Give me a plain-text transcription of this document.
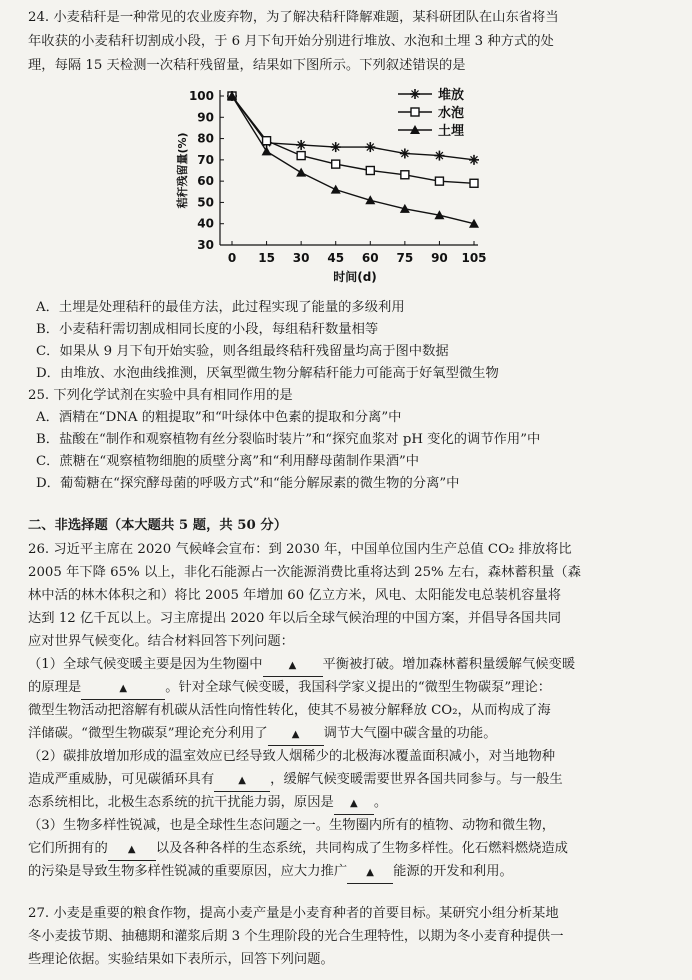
24. 小麦秸秆是一种常见的农业废弃物，为了解决秸秆降解难题，某科研团队在山东省将当
年收获的小麦秸秆切割成小段，于 6 月下旬开始分别进行堆放、水泡和土埋 3 种方式的处
理，每隔 15 天检测一次秸秆残留量，结果如下图所示。下列叙述错误的是
100
90
80
70
60
50
40
30
0 15 30 45 60 75 90 105
时间(d)
秸秆残留量(%)
堆放
水泡
土埋
A．土埋是处理秸秆的最佳方法，此过程实现了能量的多级利用
B．小麦秸秆需切割成相同长度的小段，每组秸秆数量相等
C．如果从 9 月下旬开始实验，则各组最终秸秆残留量均高于图中数据
D．由堆放、水泡曲线推测，厌氧型微生物分解秸秆能力可能高于好氧型微生物
25. 下列化学试剂在实验中具有相同作用的是
A．酒精在“DNA 的粗提取”和“叶绿体中色素的提取和分离”中
B．盐酸在“制作和观察植物有丝分裂临时装片”和“探究血浆对 pH 变化的调节作用”中
C．蔗糖在“观察植物细胞的质壁分离”和“利用酵母菌制作果酒”中
D．葡萄糖在“探究酵母菌的呼吸方式”和“能分解尿素的微生物的分离”中
二、非选择题（本大题共 5 题，共 50 分）
26. 习近平主席在 2020 气候峰会宣布：到 2030 年，中国单位国内生产总值 CO₂ 排放将比
2005 年下降 65% 以上，非化石能源占一次能源消费比重将达到 25% 左右，森林蓄积量（森
林中活的林木体积之和）将比 2005 年增加 60 亿立方米，风电、太阳能发电总装机容量将
达到 12 亿千瓦以上。习主席提出 2020 年以后全球气候治理的中国方案，并倡导各国共同
应对世界气候变化。结合材料回答下列问题：
（1）全球气候变暖主要是因为生物圈中	▲ 平衡被打破。增加森林蓄积量缓解气候变暖
的原理是	▲	。针对全球气候变暖，我国科学家义提出的“微型生物碳泵”理论：
微型生物活动把溶解有机碳从活性向惰性转化，使其不易被分解释放 CO₂，从而构成了海
洋储碳。“微型生物碳泵”理论充分利用了 ▲ 调节大气圈中碳含量的功能。
（2）碳排放增加形成的温室效应已经导致人烟稀少的北极海冰覆盖面积减小，对当地物种
造成严重威胁，可见碳循环具有 ▲ ，缓解气候变暖需要世界各国共同参与。与一般生
态系统相比，北极生态系统的抗干扰能力弱，原因是 ▲ 。
（3）生物多样性锐减，也是全球性生态问题之一。生物圈内所有的植物、动物和微生物，
它们所拥有的 ▲ 以及各种各样的生态系统，共同构成了生物多样性。化石燃料燃烧造成
的污染是导致生物多样性锐减的重要原因，应大力推广 ▲ 能源的开发和利用。
27. 小麦是重要的粮食作物，提高小麦产量是小麦育种者的首要目标。某研究小组分析某地
冬小麦拔节期、抽穗期和灌浆后期 3 个生理阶段的光合生理特性，以期为冬小麦育种提供一
些理论依据。实验结果如下表所示，回答下列问题。
